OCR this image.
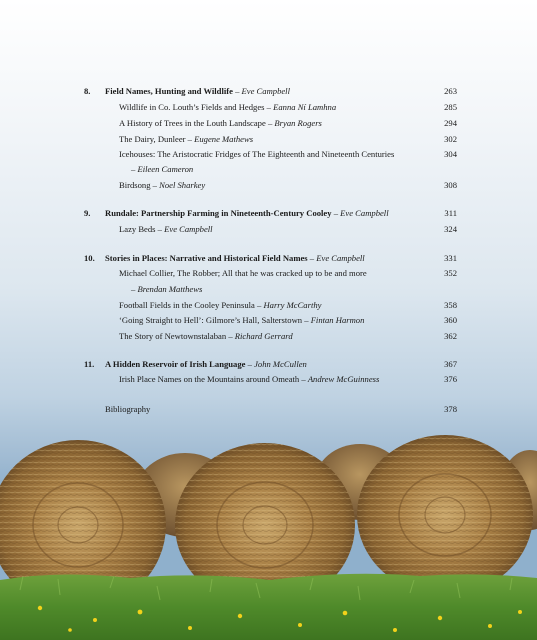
8. Field Names, Hunting and Wildlife – Eve Campbell	263
Wildlife in Co. Louth’s Fields and Hedges – Eanna Ní Lamhna	285
A History of Trees in the Louth Landscape – Bryan Rogers	294
The Dairy, Dunleer – Eugene Mathews	302
Icehouses: The Aristocratic Fridges of The Eighteenth and Nineteenth Centuries
– Eileen Cameron
304
Birdsong – Noel Sharkey	308
9. Rundale: Partnership Farming in Nineteenth-Century Cooley – Eve Campbell	311
Lazy Beds – Eve Campbell	324
10. Stories in Places: Narrative and Historical Field Names – Eve Campbell	331
Michael Collier, The Robber; All that he was cracked up to be and more
– Brendan Matthews
352
Football Fields in the Cooley Peninsula – Harry McCarthy	358
‘Going Straight to Hell’: Gilmore’s Hall, Salterstown – Fintan Harmon	360
The Story of Newtownstalaban – Richard Gerrard	362
11. A Hidden Reservoir of Irish Language – John McCullen	367
Irish Place Names on the Mountains around Omeath – Andrew McGuinness	376
Bibliography	378
